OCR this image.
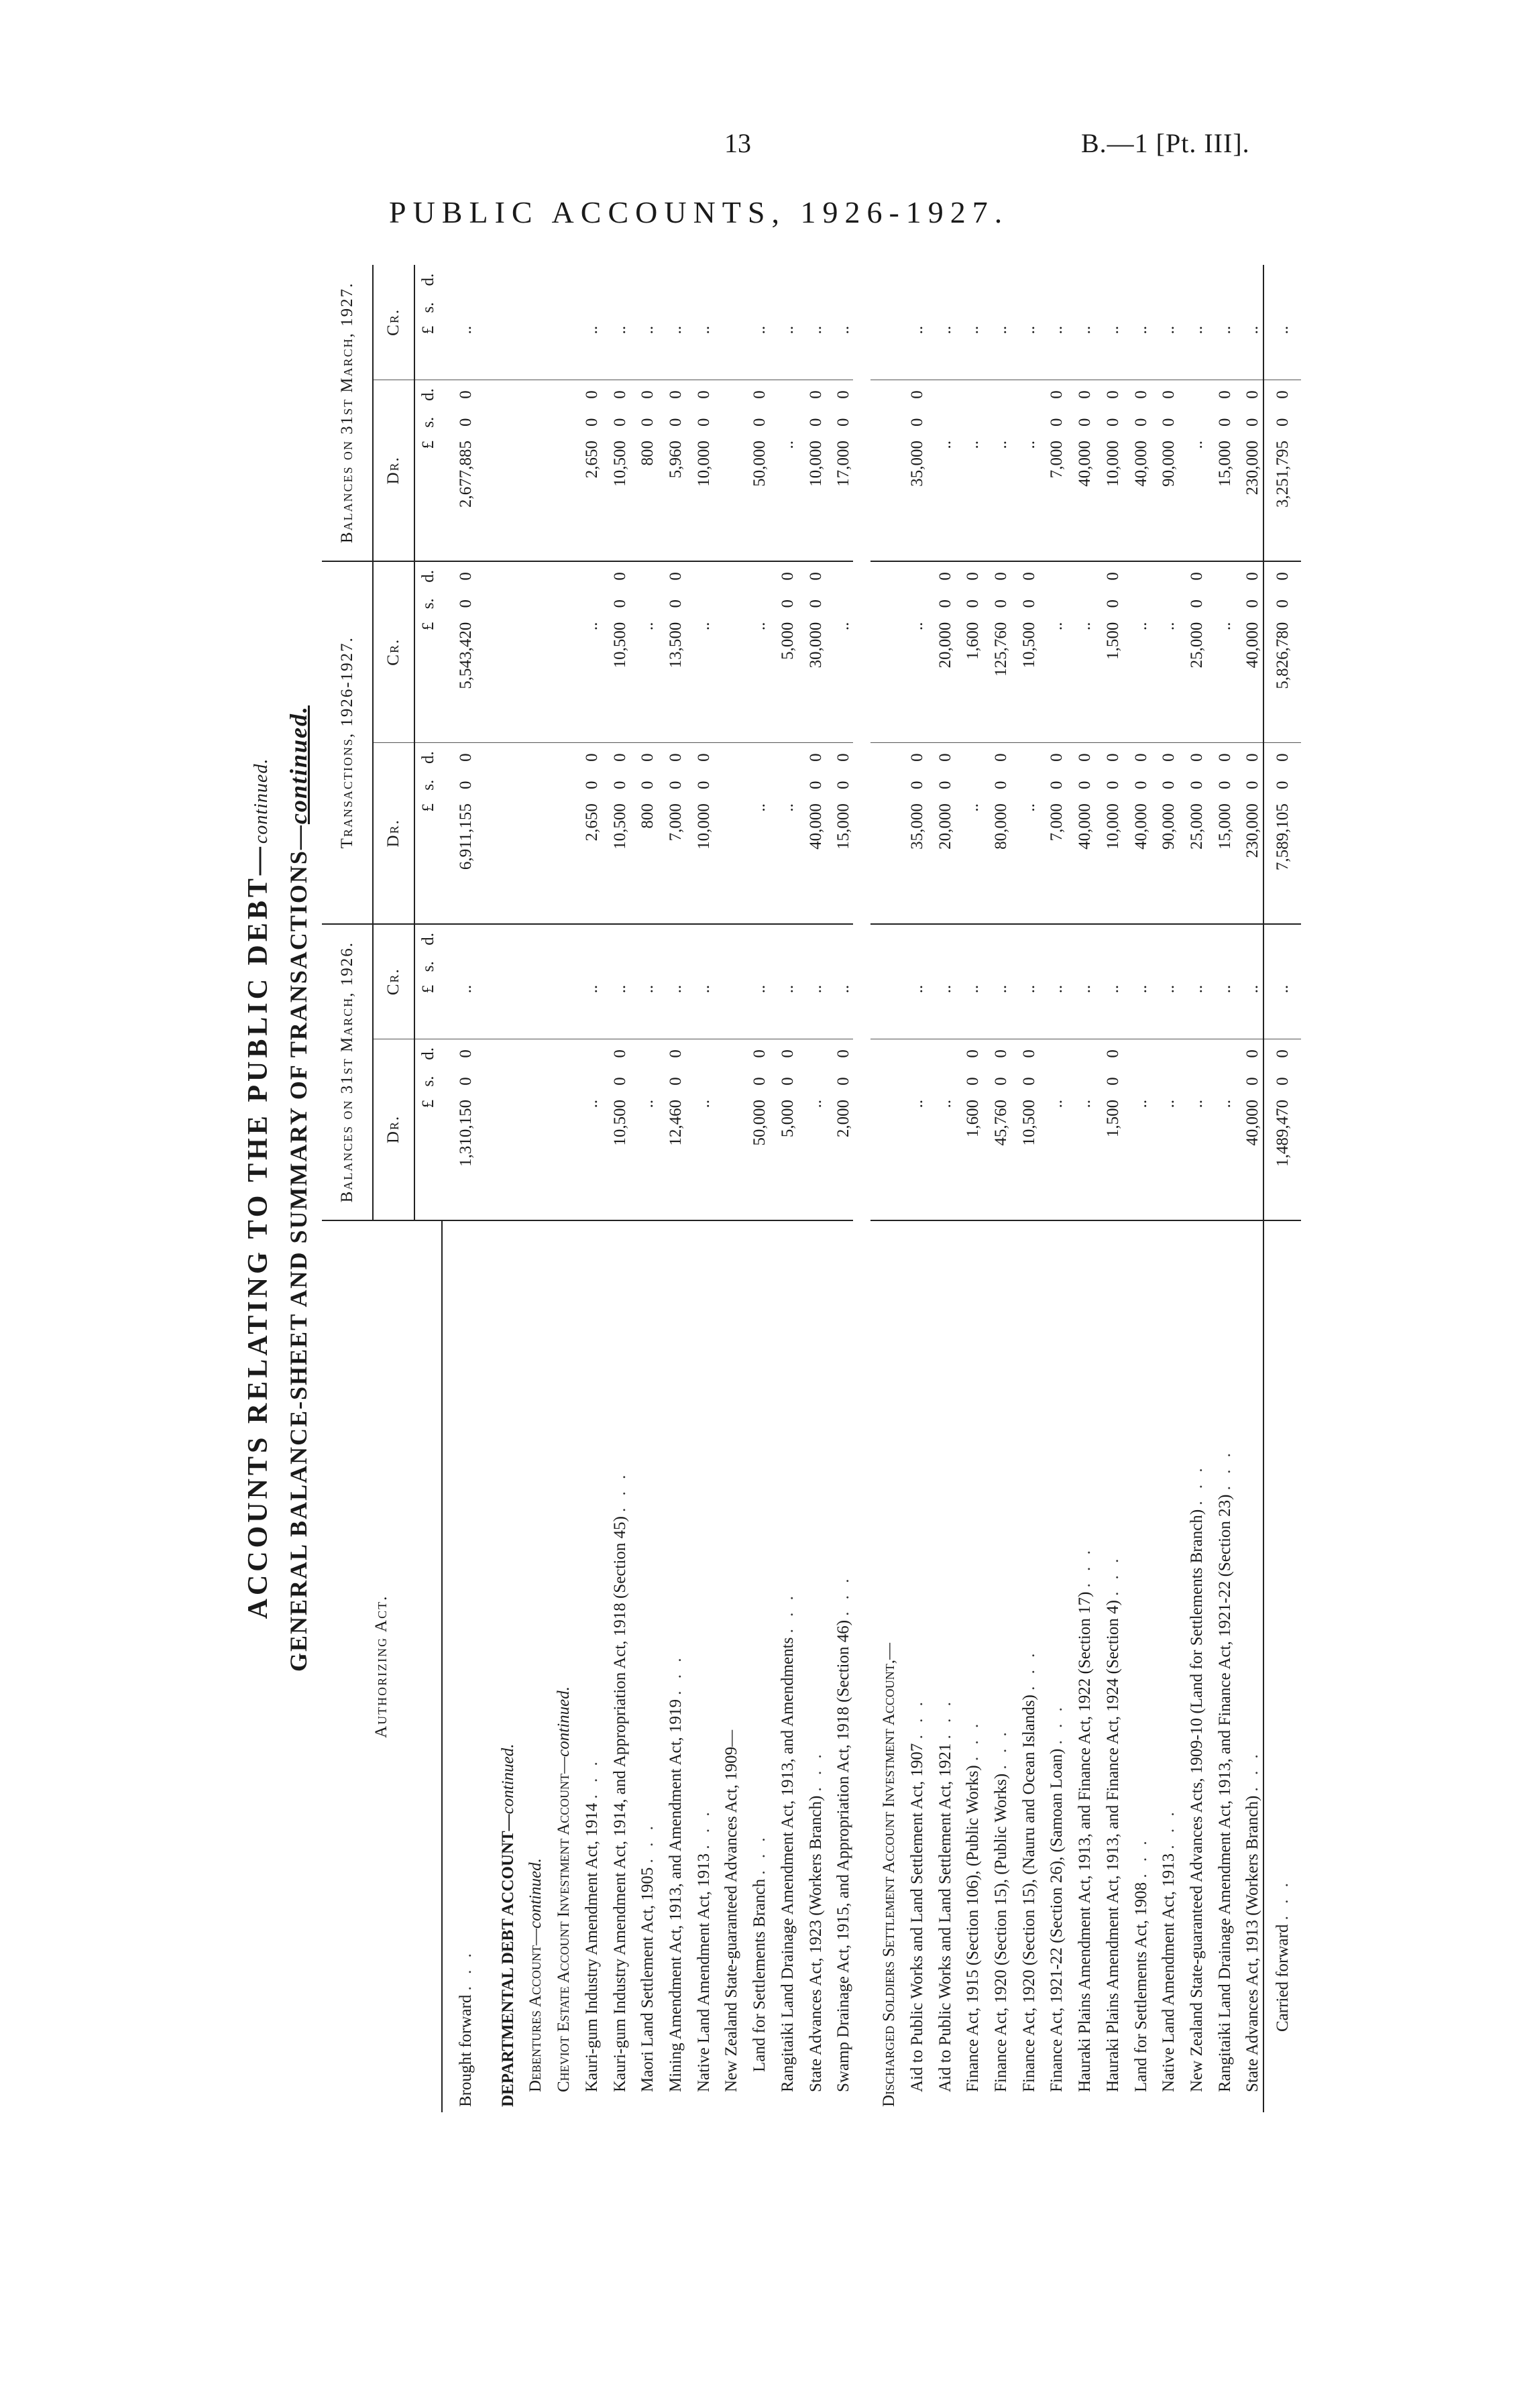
13	B.—1 [Pt. III].
PUBLIC ACCOUNTS, 1926-1927.
ACCOUNTS RELATING TO THE PUBLIC DEBT—continued.
GENERAL BALANCE-SHEET AND SUMMARY OF TRANSACTIONS—continued.
Authorizing Act.	Balances on 31st March, 1926.						Transactions, 1926-1927.						Balances on 31st March, 1927.					
	Dr.			Cr.			Dr.			Cr.			Dr.			Cr.		
	£	s.	d.	£	s.	d.	£	s.	d.	£	s.	d.	£	s.	d.	£	s.	d.
Brought forward . . .	1,310,150	0	0	..			6,911,155	0	0	5,543,420	0	0	2,677,885	0	0	..		
DEPARTMENTAL DEBT ACCOUNT—continued.																		
Debentures Account—continued.																		
Cheviot Estate Account Investment Account—continued.																		
Kauri-gum Industry Amendment Act, 1914 . . .	..			..			2,650	0	0	..			2,650	0	0	..		
Kauri-gum Industry Amendment Act, 1914, and Appropriation Act, 1918 (Section 45) . . .	10,500	0	0	..			10,500	0	0	10,500	0	0	10,500	0	0	..		
Maori Land Settlement Act, 1905 . . .	..			..			800	0	0	..			800	0	0	..		
Mining Amendment Act, 1913, and Amendment Act, 1919 . . .	12,460	0	0	..			7,000	0	0	13,500	0	0	5,960	0	0	..		
Native Land Amendment Act, 1913 . . .	..			..			10,000	0	0	..			10,000	0	0	..		
New Zealand State-guaranteed Advances Act, 1909—																		
Land for Settlements Branch . . .	50,000	0	0	..			..			..			50,000	0	0	..		
Rangitaiki Land Drainage Amendment Act, 1913, and Amendments . . .	5,000	0	0	..			..			5,000	0	0	..			..		
State Advances Act, 1923 (Workers Branch) . . .	..			..			40,000	0	0	30,000	0	0	10,000	0	0	..		
Swamp Drainage Act, 1915, and Appropriation Act, 1918 (Section 46) . . .	2,000	0	0	..			15,000	0	0	..			17,000	0	0	..		

Discharged Soldiers Settlement Account Investment Account,—																		
Aid to Public Works and Land Settlement Act, 1907 . . .	..			..			35,000	0	0	..			35,000	0	0	..		
Aid to Public Works and Land Settlement Act, 1921 . . .	..			..			20,000	0	0	20,000	0	0	..			..		
Finance Act, 1915 (Section 106), (Public Works) . . .	1,600	0	0	..			..			1,600	0	0	..			..		
Finance Act, 1920 (Section 15), (Public Works) . . .	45,760	0	0	..			80,000	0	0	125,760	0	0	..			..		
Finance Act, 1920 (Section 15), (Nauru and Ocean Islands) . . .	10,500	0	0	..			..			10,500	0	0	..			..		
Finance Act, 1921-22 (Section 26), (Samoan Loan) . . .	..			..			7,000	0	0	..			7,000	0	0	..		
Hauraki Plains Amendment Act, 1913, and Finance Act, 1922 (Section 17) . . .	..			..			40,000	0	0	..			40,000	0	0	..		
Hauraki Plains Amendment Act, 1913, and Finance Act, 1924 (Section 4) . . .	1,500	0	0	..			10,000	0	0	1,500	0	0	10,000	0	0	..		
Land for Settlements Act, 1908 . . .	..			..			40,000	0	0	..			40,000	0	0	..		
Native Land Amendment Act, 1913 . . .	..			..			90,000	0	0	..			90,000	0	0	..		
New Zealand State-guaranteed Advances Acts, 1909-10 (Land for Settlements Branch) . . .	..			..			25,000	0	0	25,000	0	0	..			..		
Rangitaiki Land Drainage Amendment Act, 1913, and Finance Act, 1921-22 (Section 23) . . .	..			..			15,000	0	0	..			15,000	0	0	..		
State Advances Act, 1913 (Workers Branch) . . .	40,000	0	0	..			230,000	0	0	40,000	0	0	230,000	0	0	..		

Carried forward . . .	1,489,470	0	0	..			7,589,105	0	0	5,826,780	0	0	3,251,795	0	0	..		
